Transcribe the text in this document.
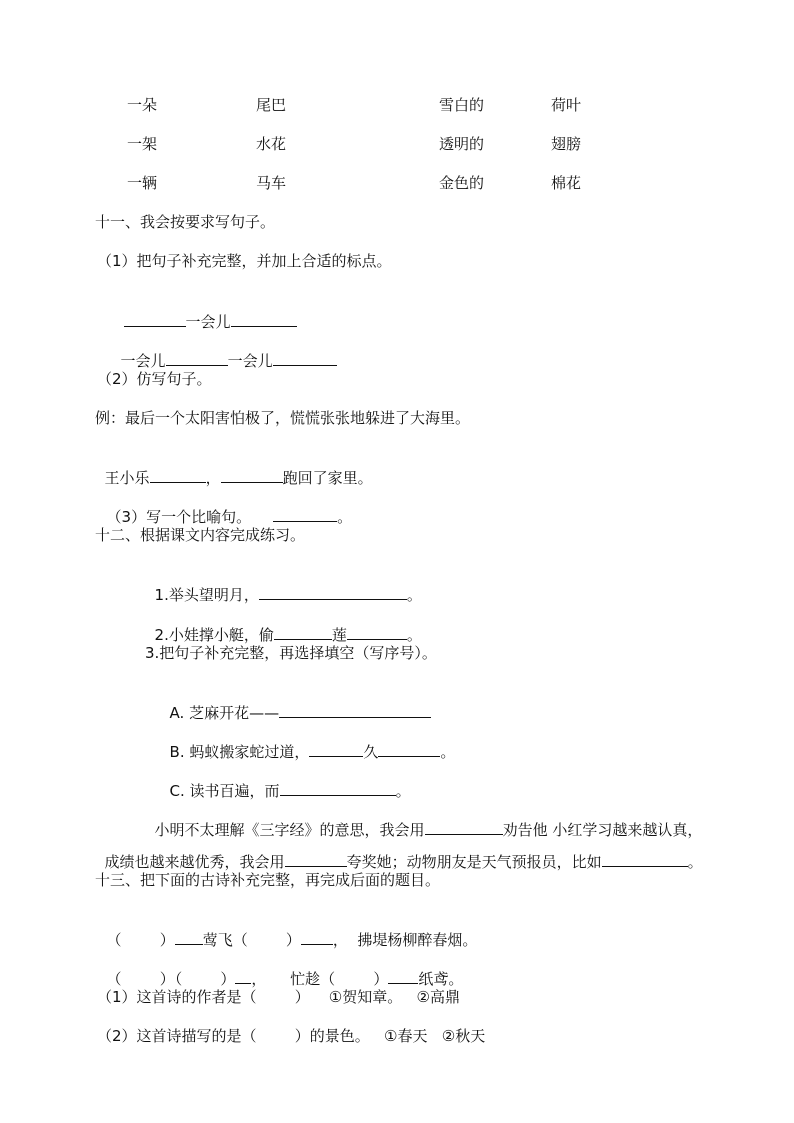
一朵	尾巴	雪白的	荷叶
一架	水花	透明的	翅膀
一辆	马车	金色的	棉花
十一、我会按要求写句子。
（1）把句子补充完整，并加上合适的标点。

一会儿

一会儿	一会儿

（2）仿写句子。
例：最后一个太阳害怕极了，慌慌张张地躲进了大海里。

王小乐	，	跑回了家里。

（3）写一个比喻句。	。

十二、根据课文内容完成练习。

1.举头望明月，	。

2.小娃撑小艇，偷	莲	。

3.把句子补充完整，再选择填空（写序号）。

A. 芝麻开花——

B. 蚂蚁搬家蛇过道，	久	。

C. 读书百遍，而	。

小明不太理解《三字经》的意思，我会用	劝告他 小红学习越来越认真，

成绩也越来越优秀，我会用	夸奖她；动物朋友是天气预报员，比如	。

十三、把下面的古诗补充完整，再完成后面的题目。

（        ） 莺飞（        ） ，  拂堤杨柳醉春烟。

（        ）（        ） ，     忙趁（        ） 纸鸢。

（1）这首诗的作者是（        ）    ①贺知章。   ②高鼎
（2）这首诗描写的是（        ）的景色。   ①春天   ②秋天
